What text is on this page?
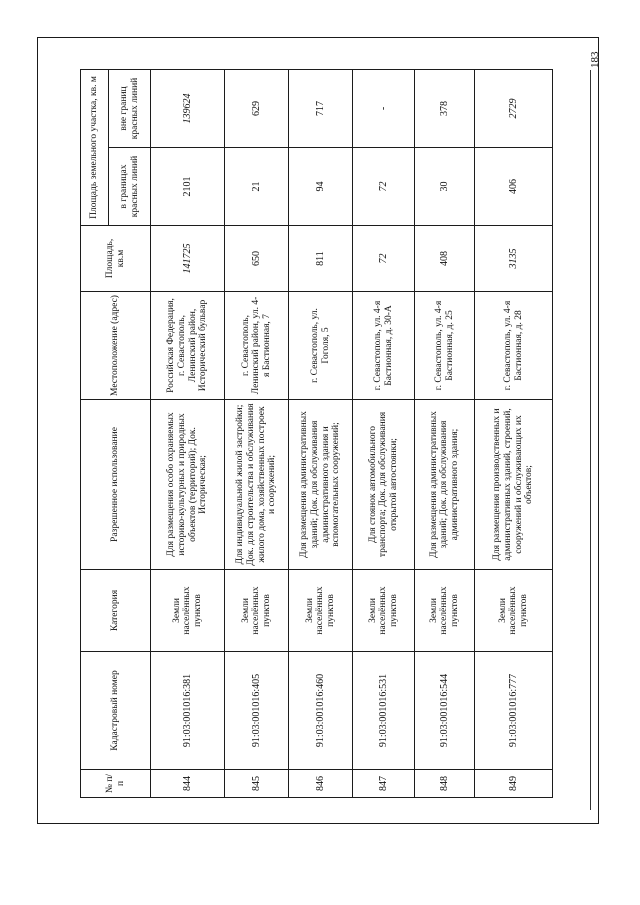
183
№ п/п	Кадастровый номер	Категория	Разрешенное использование	Местоположение (адрес)	Площадь, кв.м	Площадь земельного участка, кв. м	
						в границах красных линий	вне границ красных линий
844	91:03:001016:381	Земли населённых пунктов	Для размещения особо охраняемых историко-культурных и природных объектов (территорий); Док. Историческая;	Российская Федерация, г. Севастополь, Ленинский район, Исторический бульвар	141725	2101	139624
845	91:03:001016:405	Земли населённых пунктов	Для индивидуальной жилой застройки; Док. для строительства и обслуживания жилого дома, хозяйственных построек и сооружений;	г. Севастополь, Ленинский район, ул. 4-я Бастионная, 7	650	21	629
846	91:03:001016:460	Земли населённых пунктов	Для размещения административных зданий; Док. для обслуживания административного здания и вспомогательных сооружений;	г. Севастополь, ул. Гоголя, 5	811	94	717
847	91:03:001016:531	Земли населённых пунктов	Для стоянок автомобильного транспорта; Док. для обслуживания открытой автостоянки;	г. Севастополь, ул. 4-я Бастионная, д. 30-А	72	72	-
848	91:03:001016:544	Земли населённых пунктов	Для размещения административных зданий; Док. для обслуживания административного здания;	г. Севастополь, ул. 4-я Бастионная, д. 25	408	30	378
849	91:03:001016:777	Земли населённых пунктов	Для размещения производственных и административных зданий, строений, сооружений и обслуживающих их объектов;	г. Севастополь, ул. 4-я Бастионная, д. 28	3135	406	2729
